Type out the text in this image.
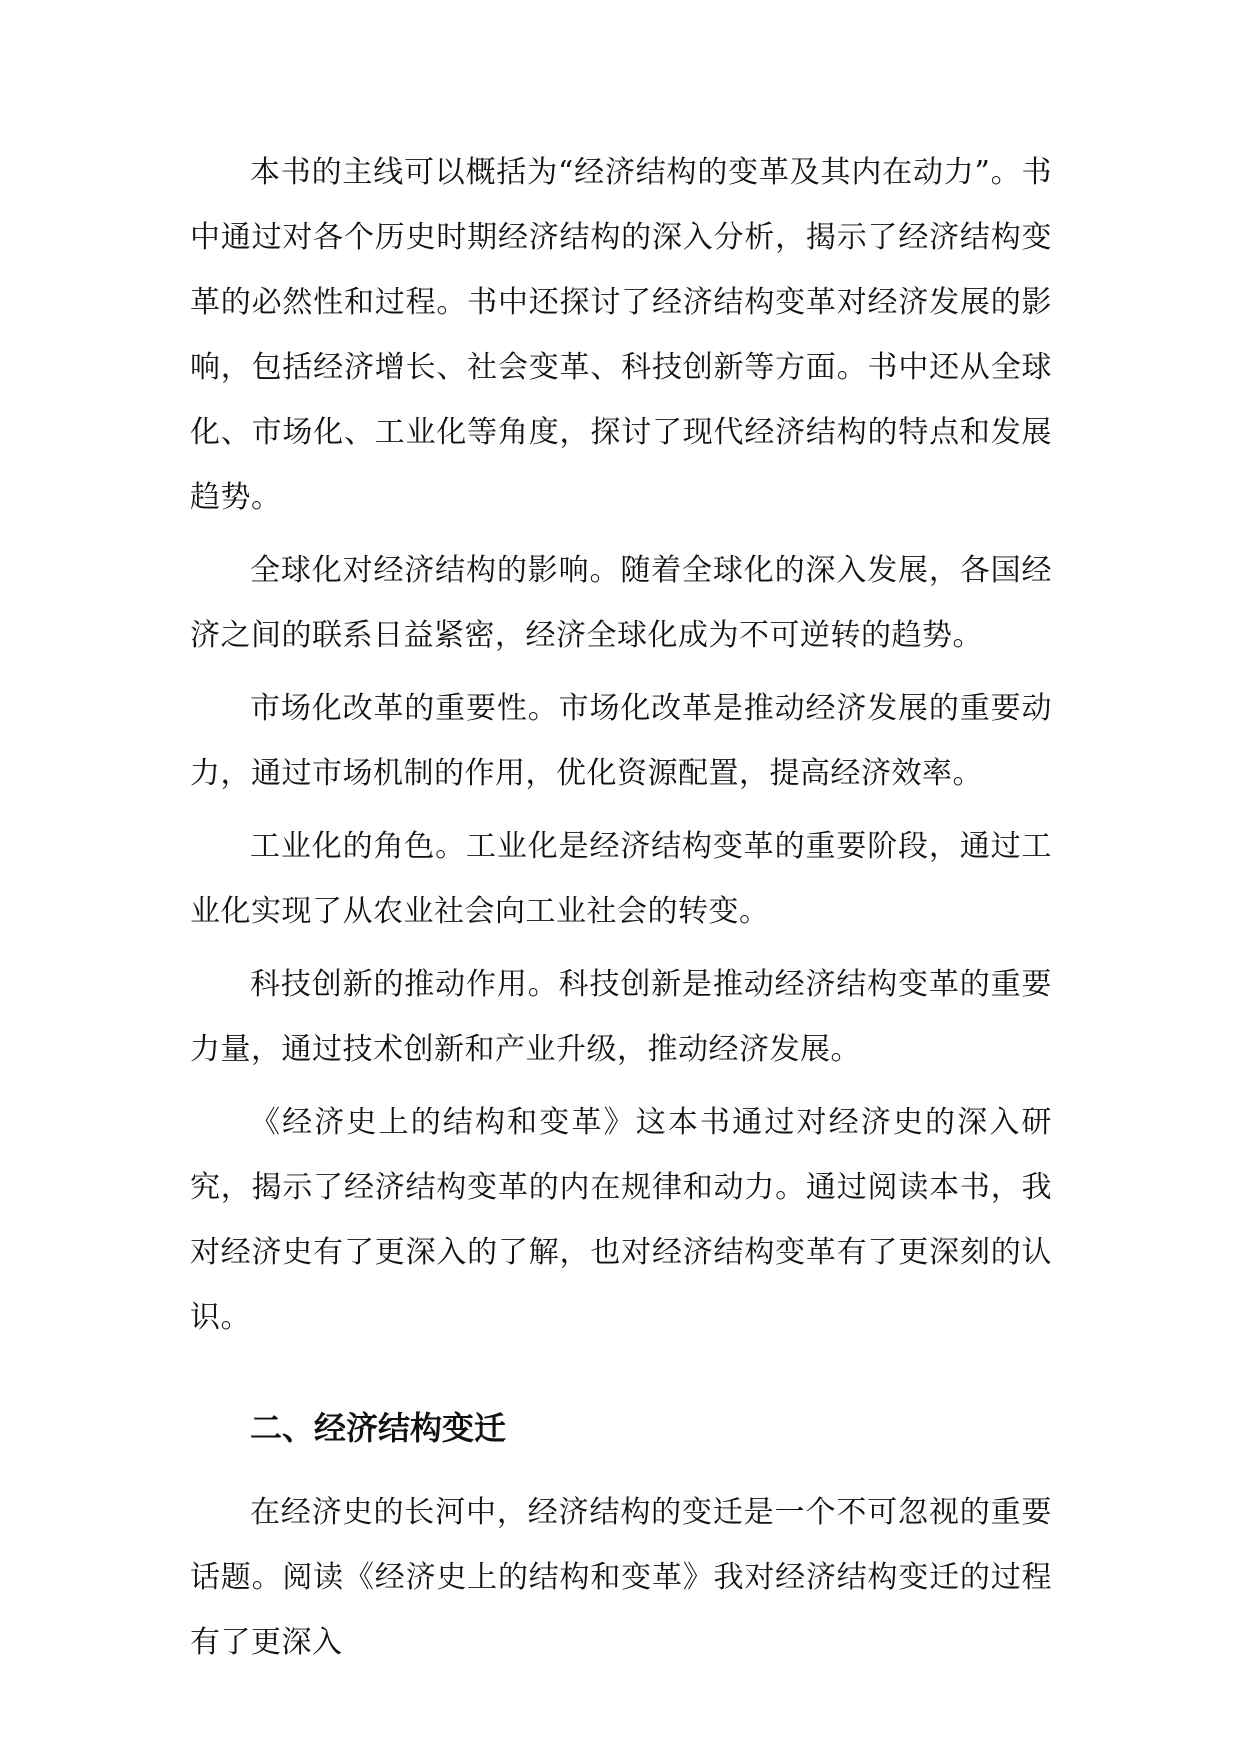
本书的主线可以概括为“经济结构的变革及其内在动力”。书中通过对各个历史时期经济结构的深入分析，揭示了经济结构变革的必然性和过程。书中还探讨了经济结构变革对经济发展的影响，包括经济增长、社会变革、科技创新等方面。书中还从全球化、市场化、工业化等角度，探讨了现代经济结构的特点和发展趋势。

全球化对经济结构的影响。随着全球化的深入发展，各国经济之间的联系日益紧密，经济全球化成为不可逆转的趋势。

市场化改革的重要性。市场化改革是推动经济发展的重要动力，通过市场机制的作用，优化资源配置，提高经济效率。

工业化的角色。工业化是经济结构变革的重要阶段，通过工业化实现了从农业社会向工业社会的转变。

科技创新的推动作用。科技创新是推动经济结构变革的重要力量，通过技术创新和产业升级，推动经济发展。

《经济史上的结构和变革》这本书通过对经济史的深入研究，揭示了经济结构变革的内在规律和动力。通过阅读本书，我对经济史有了更深入的了解，也对经济结构变革有了更深刻的认识。

二、经济结构变迁

在经济史的长河中，经济结构的变迁是一个不可忽视的重要话题。阅读《经济史上的结构和变革》我对经济结构变迁的过程有了更深入
